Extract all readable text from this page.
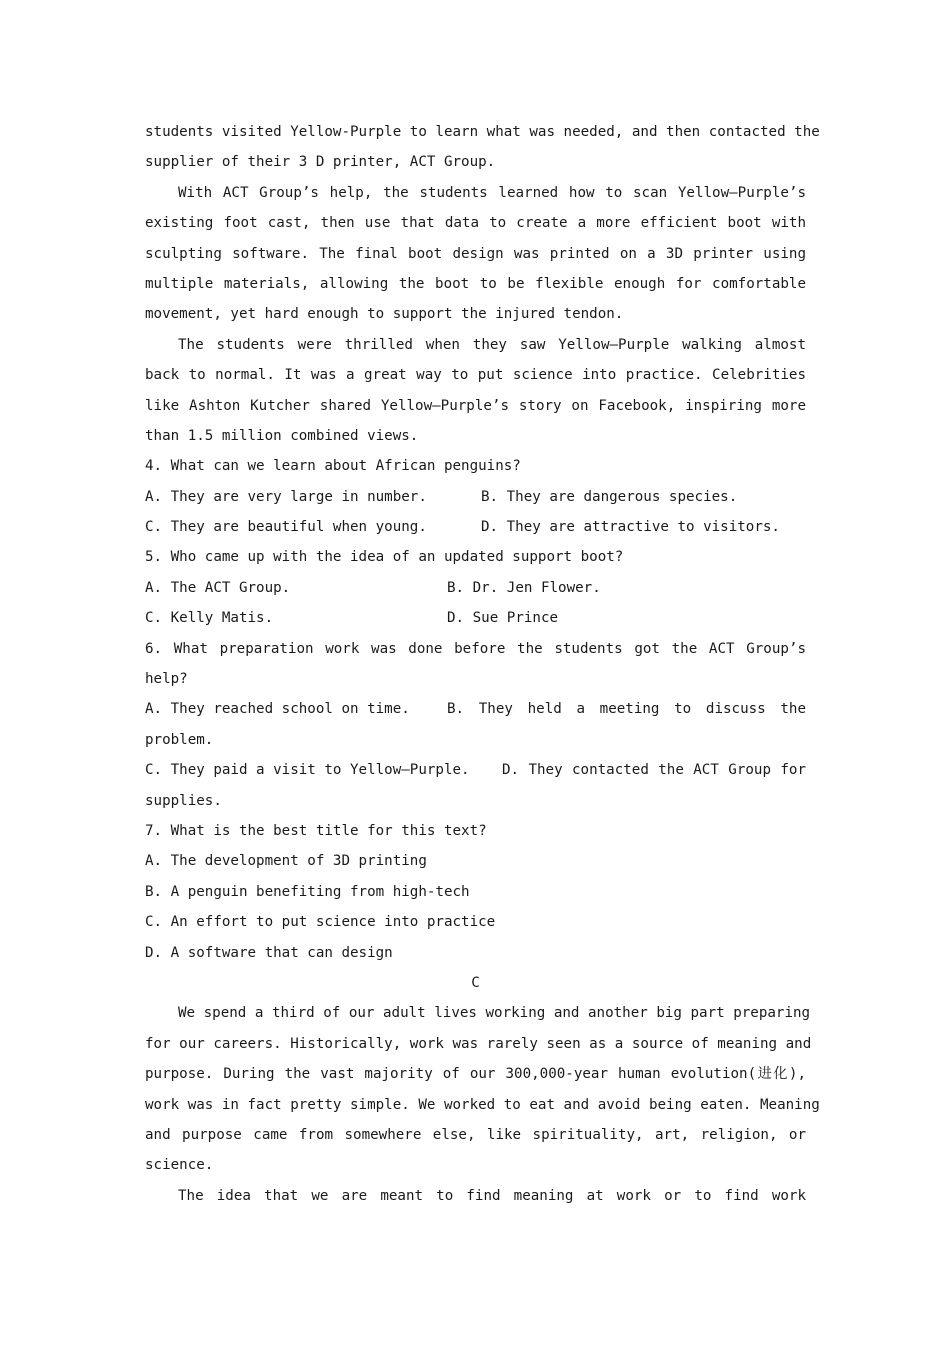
students visited Yellow-Purple to learn what was needed, and then contacted the
supplier of their 3 D printer, ACT Group.
With ACT Group’s help, the students learned how to scan Yellow—Purple’s
existing foot cast, then use that data to create a more efficient boot with
sculpting software. The final boot design was printed on a 3D printer using
multiple materials, allowing the boot to be flexible enough for comfortable
movement, yet hard enough to support the injured tendon.
The students were thrilled when they saw Yellow—Purple walking almost
back to normal. It was a great way to put science into practice. Celebrities
like Ashton Kutcher shared Yellow—Purple’s story on Facebook, inspiring more
than 1.5 million combined views.
4. What can we learn about African penguins?
A. They are very large in number.	B. They are dangerous species.
C. They are beautiful when young.	D. They are attractive to visitors.
5. Who came up with the idea of an updated support boot?
A. The ACT Group.	B. Dr. Jen Flower.
C. Kelly Matis.	D. Sue Prince
6. What preparation work was done before the students got the ACT Group’s
help?
A. They reached school on time.	B. They held a meeting to discuss the
problem.
C. They paid a visit to Yellow—Purple.	D. They contacted the ACT Group for
supplies.
7. What is the best title for this text?
A. The development of 3D printing
B. A penguin benefiting from high-tech
C. An effort to put science into practice
D. A software that can design
C
We spend a third of our adult lives working and another big part preparing
for our careers. Historically, work was rarely seen as a source of meaning and
purpose. During the vast majority of our 300,000-year human evolution(进化),
work was in fact pretty simple. We worked to eat and avoid being eaten. Meaning
and purpose came from somewhere else, like spirituality, art, religion, or
science.
The idea that we are meant to find meaning at work or to find work
